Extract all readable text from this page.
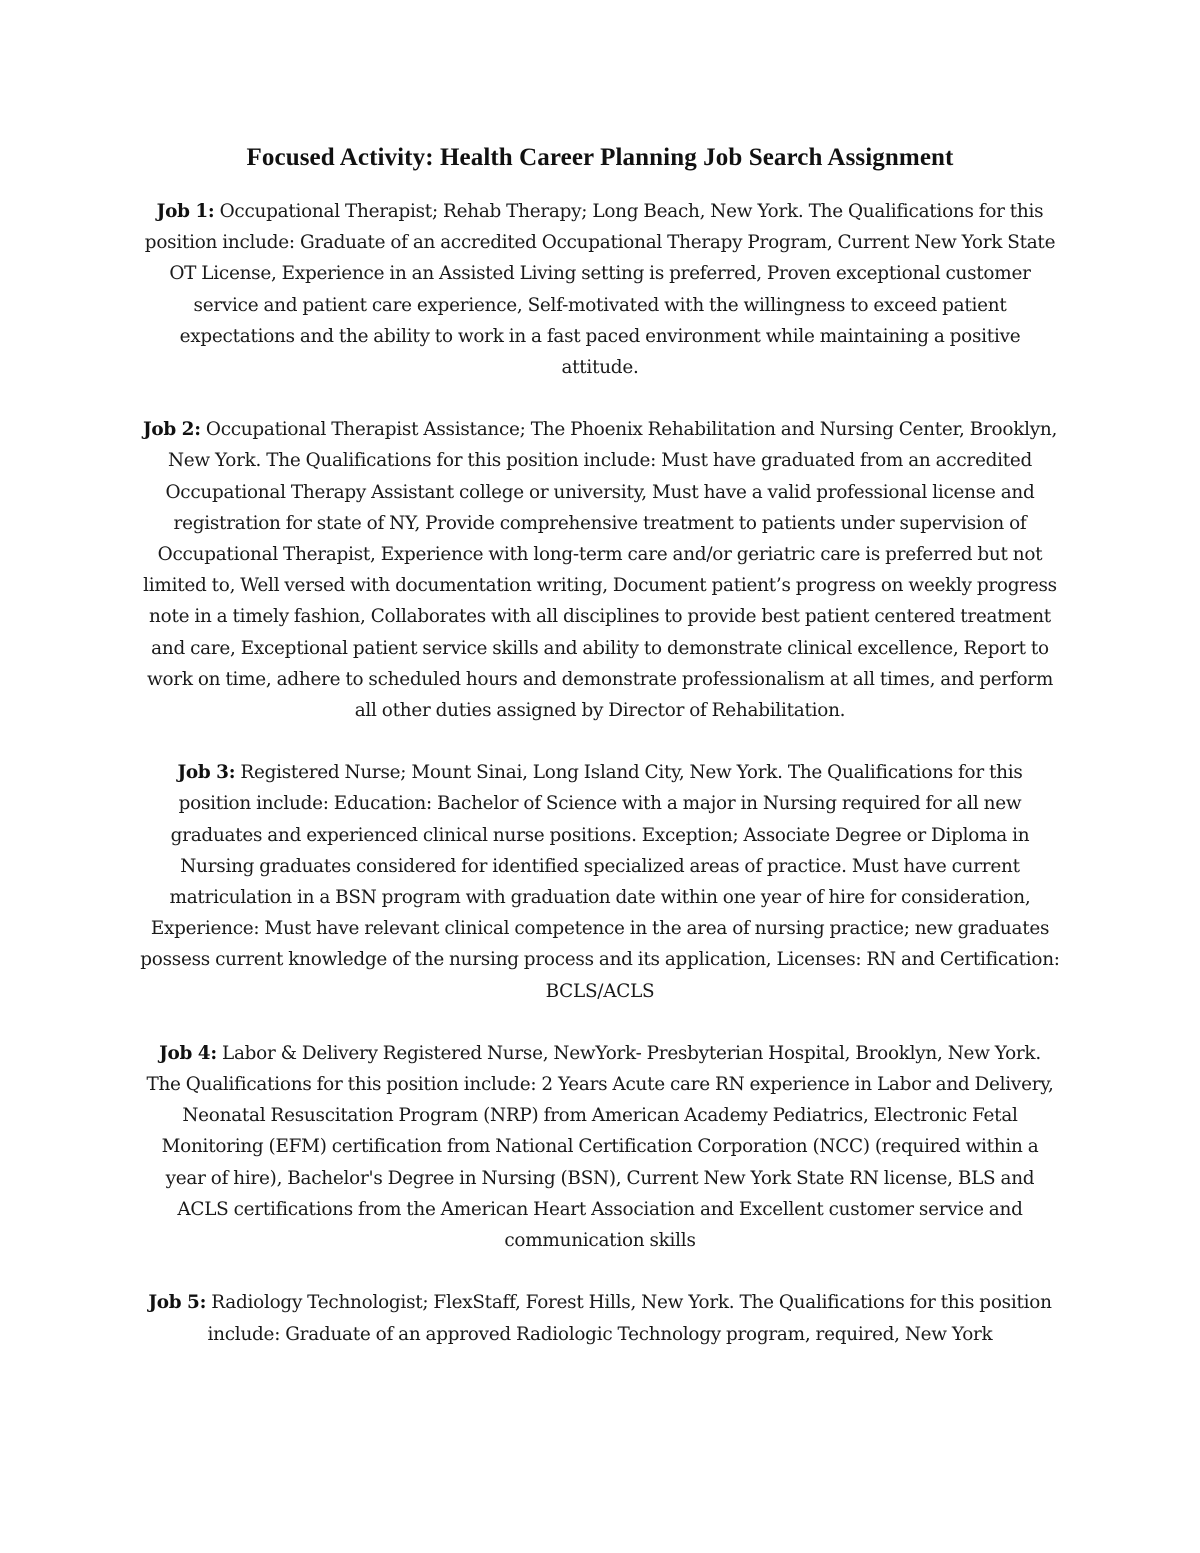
Focused Activity: Health Career Planning Job Search Assignment

Job 1: Occupational Therapist; Rehab Therapy; Long Beach, New York. The Qualifications for this position include: Graduate of an accredited Occupational Therapy Program, Current New York State OT License, Experience in an Assisted Living setting is preferred, Proven exceptional customer service and patient care experience, Self-motivated with the willingness to exceed patient expectations and the ability to work in a fast paced environment while maintaining a positive attitude.

Job 2: Occupational Therapist Assistance; The Phoenix Rehabilitation and Nursing Center, Brooklyn, New York. The Qualifications for this position include: Must have graduated from an accredited Occupational Therapy Assistant college or university, Must have a valid professional license and registration for state of NY, Provide comprehensive treatment to patients under supervision of Occupational Therapist, Experience with long-term care and/or geriatric care is preferred but not limited to, Well versed with documentation writing, Document patient’s progress on weekly progress note in a timely fashion, Collaborates with all disciplines to provide best patient centered treatment and care, Exceptional patient service skills and ability to demonstrate clinical excellence, Report to work on time, adhere to scheduled hours and demonstrate professionalism at all times, and perform all other duties assigned by Director of Rehabilitation.

Job 3: Registered Nurse; Mount Sinai, Long Island City, New York. The Qualifications for this position include: Education: Bachelor of Science with a major in Nursing required for all new graduates and experienced clinical nurse positions. Exception; Associate Degree or Diploma in Nursing graduates considered for identified specialized areas of practice. Must have current matriculation in a BSN program with graduation date within one year of hire for consideration, Experience: Must have relevant clinical competence in the area of nursing practice; new graduates possess current knowledge of the nursing process and its application, Licenses: RN and Certification: BCLS/ACLS

Job 4: Labor & Delivery Registered Nurse, NewYork- Presbyterian Hospital, Brooklyn, New York. The Qualifications for this position include: 2 Years Acute care RN experience in Labor and Delivery, Neonatal Resuscitation Program (NRP) from American Academy Pediatrics, Electronic Fetal Monitoring (EFM) certification from National Certification Corporation (NCC) (required within a year of hire), Bachelor's Degree in Nursing (BSN), Current New York State RN license, BLS and ACLS certifications from the American Heart Association and Excellent customer service and communication skills

Job 5: Radiology Technologist; FlexStaff, Forest Hills, New York. The Qualifications for this position include: Graduate of an approved Radiologic Technology program, required, New York
